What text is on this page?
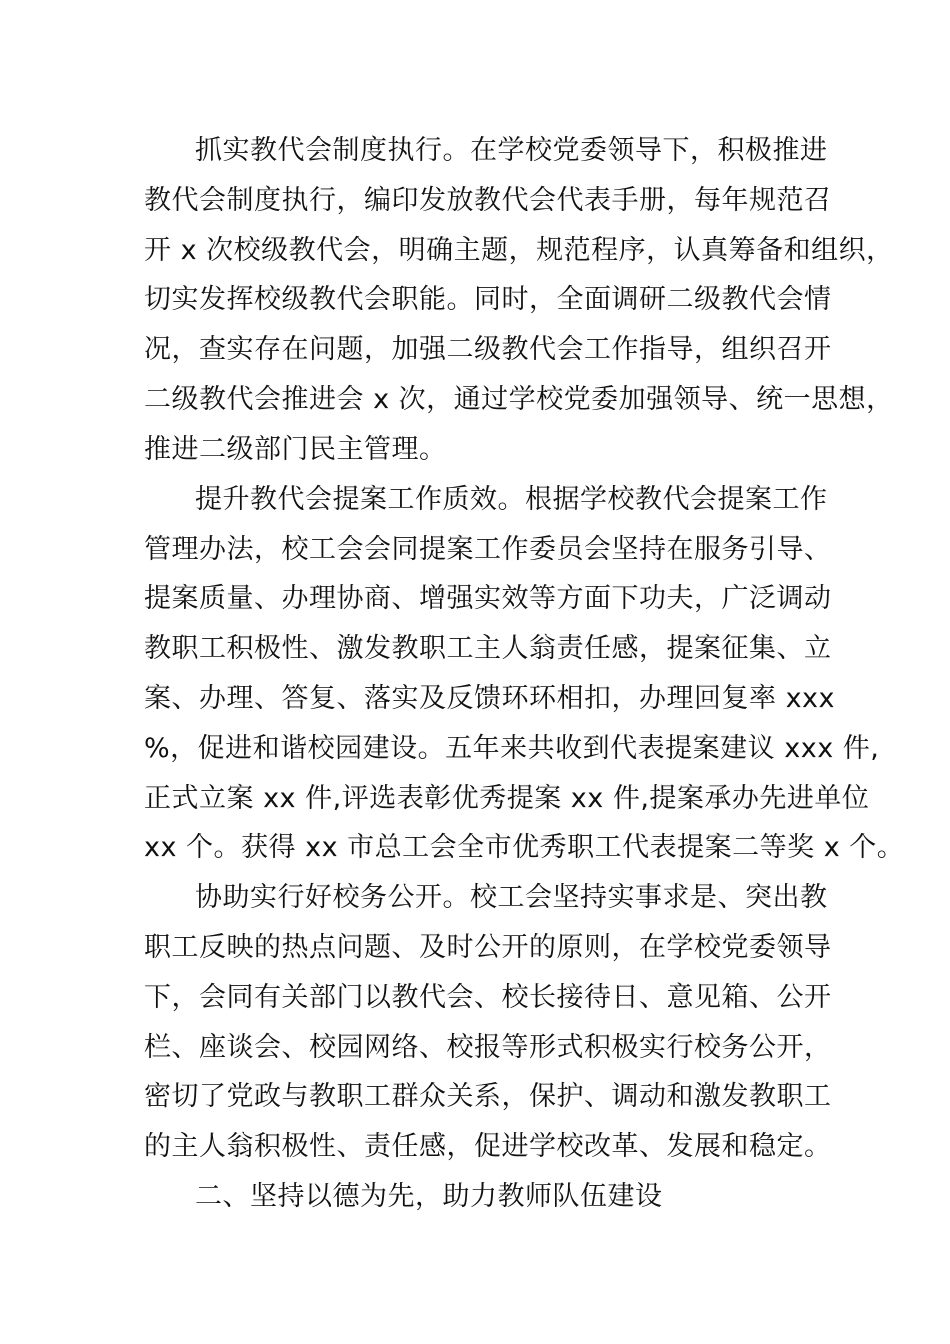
抓实教代会制度执行。在学校党委领导下，积极推进
教代会制度执行，编印发放教代会代表手册，每年规范召
开 x 次校级教代会，明确主题，规范程序，认真筹备和组织，
切实发挥校级教代会职能。同时，全面调研二级教代会情
况，查实存在问题，加强二级教代会工作指导，组织召开
二级教代会推进会 x 次，通过学校党委加强领导、统一思想，
推进二级部门民主管理。
提升教代会提案工作质效。根据学校教代会提案工作
管理办法，校工会会同提案工作委员会坚持在服务引导、
提案质量、办理协商、增强实效等方面下功夫，广泛调动
教职工积极性、激发教职工主人翁责任感，提案征集、立
案、办理、答复、落实及反馈环环相扣，办理回复率 xxx
%，促进和谐校园建设。五年来共收到代表提案建议 xxx 件,
正式立案 xx 件,评选表彰优秀提案 xx 件,提案承办先进单位
xx 个。获得 xx 市总工会全市优秀职工代表提案二等奖 x 个。
协助实行好校务公开。校工会坚持实事求是、突出教
职工反映的热点问题、及时公开的原则，在学校党委领导
下，会同有关部门以教代会、校长接待日、意见箱、公开
栏、座谈会、校园网络、校报等形式积极实行校务公开，
密切了党政与教职工群众关系，保护、调动和激发教职工
的主人翁积极性、责任感，促进学校改革、发展和稳定。
二、坚持以德为先，助力教师队伍建设
